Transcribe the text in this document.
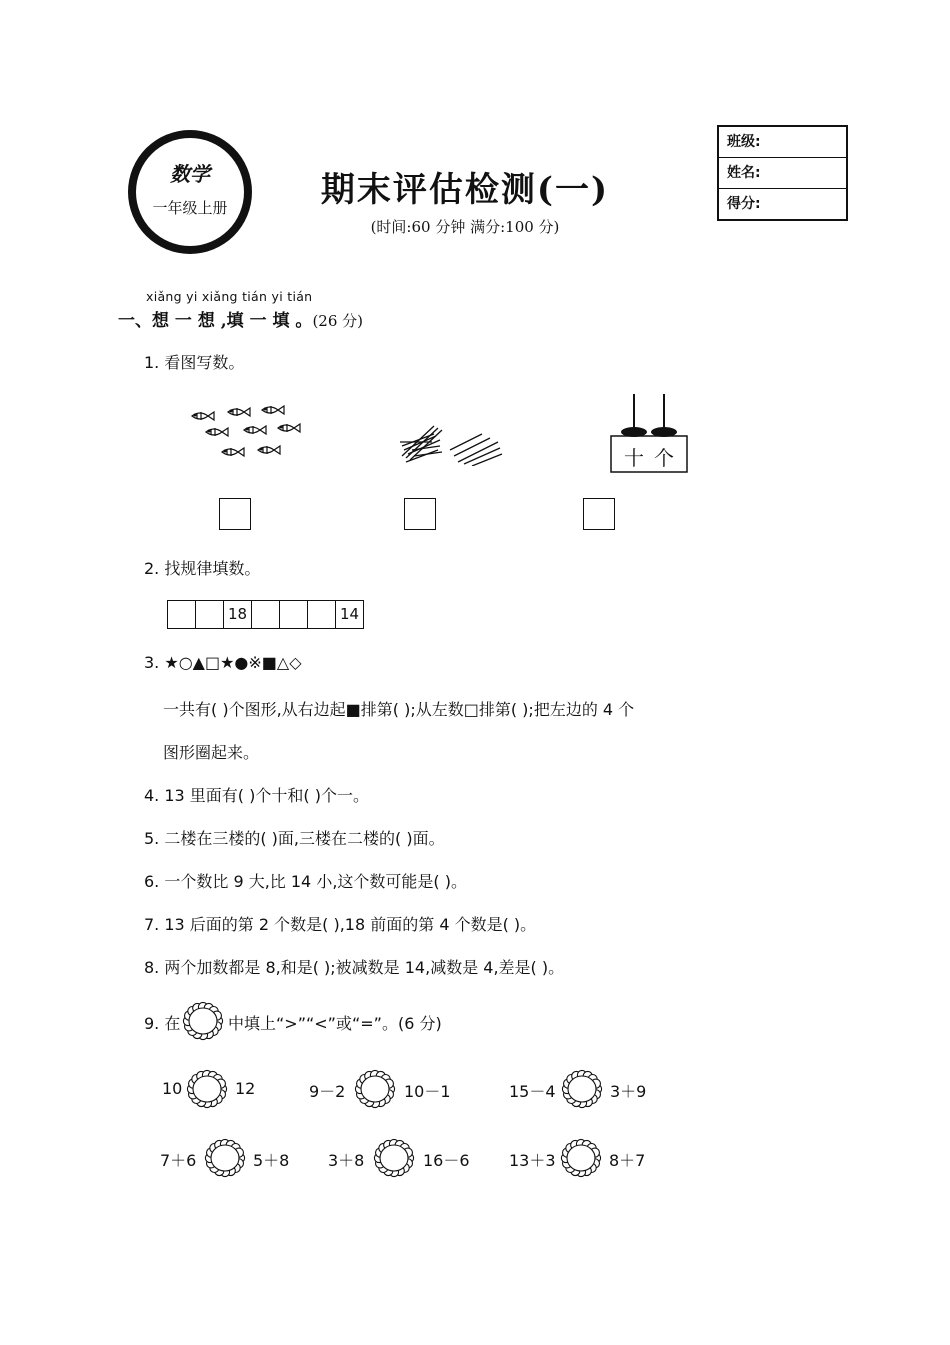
数学
一年级上册	期末评估检测(一)
(时间:60 分钟 满分:100 分)
班级:
姓名:
得分:
xiǎng yi xiǎng tián yi tián
一、想 一 想 ,填 一 填 。(26 分)
1. 看图写数。
十 个
2. 找规律填数。
18	14
3. ★○▲□★●※■△◇
一共有( )个图形,从右边起■排第( );从左数□排第( );把左边的 4 个
图形圈起来。
4. 13 里面有( )个十和( )个一。
5. 二楼在三楼的( )面,三楼在二楼的( )面。
6. 一个数比 9 大,比 14 小,这个数可能是( )。
7. 13 后面的第 2 个数是( ),18 前面的第 4 个数是( )。
8. 两个加数都是 8,和是( );被减数是 14,减数是 4,差是( )。
9. 在	中填上“>”“<”或“=”。(6 分)
10	12	9－2	10－1	15－4	3＋9
7＋6	5＋8 3＋8	16－6 13＋3	8＋7
